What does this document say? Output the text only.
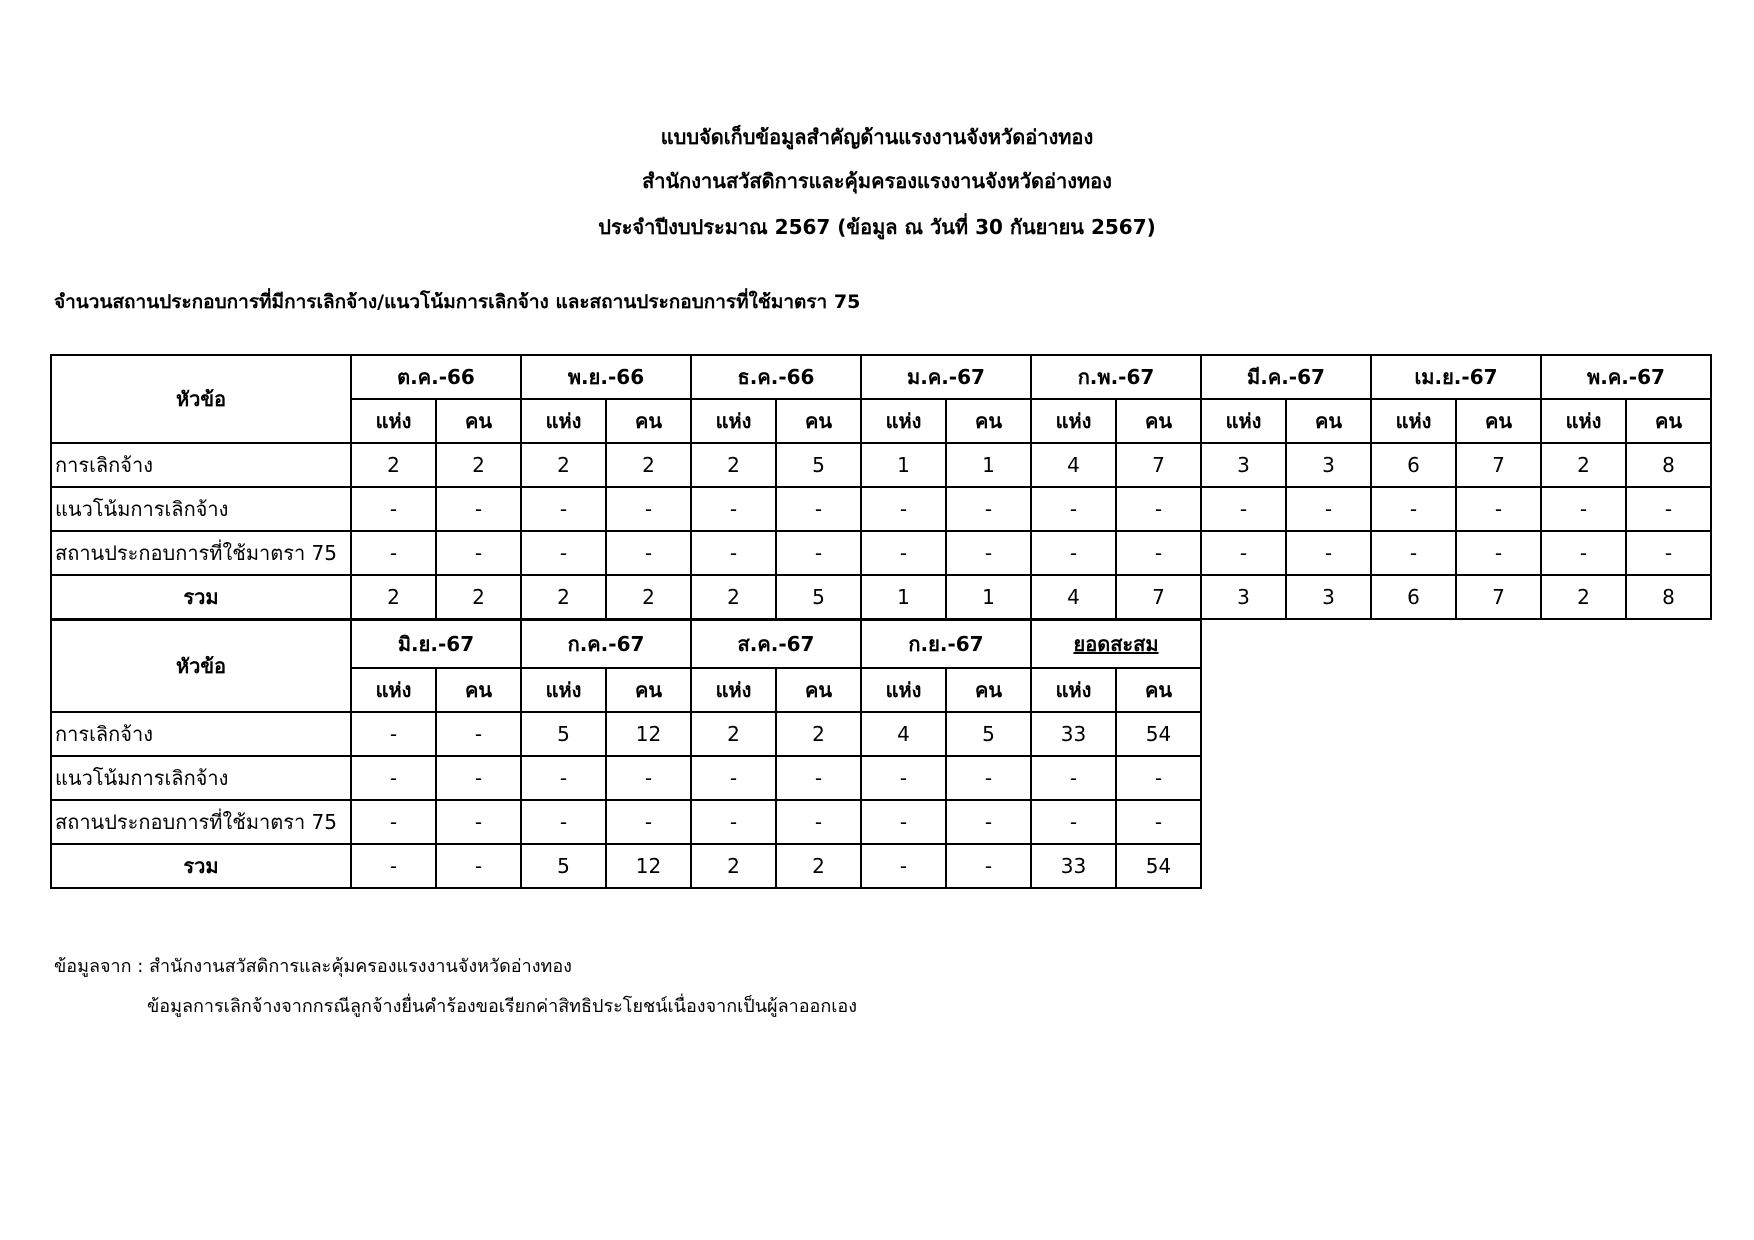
แบบจัดเก็บข้อมูลสำคัญด้านแรงงานจังหวัดอ่างทอง
สำนักงานสวัสดิการและคุ้มครองแรงงานจังหวัดอ่างทอง
ประจำปีงบประมาณ 2567 (ข้อมูล ณ วันที่ 30 กันยายน 2567)
จำนวนสถานประกอบการที่มีการเลิกจ้าง/แนวโน้มการเลิกจ้าง และสถานประกอบการที่ใช้มาตรา 75
หัวข้อ	ต.ค.-66		พ.ย.-66		ธ.ค.-66		ม.ค.-67		ก.พ.-67		มี.ค.-67		เม.ย.-67		พ.ค.-67	
	แห่ง	คน	แห่ง	คน	แห่ง	คน	แห่ง	คน	แห่ง	คน	แห่ง	คน	แห่ง	คน	แห่ง	คน
การเลิกจ้าง	2	2	2	2	2	5	1	1	4	7	3	3	6	7	2	8
แนวโน้มการเลิกจ้าง	-	-	-	-	-	-	-	-	-	-	-	-	-	-	-	-
สถานประกอบการที่ใช้มาตรา 75	-	-	-	-	-	-	-	-	-	-	-	-	-	-	-	-
รวม	2	2	2	2	2	5	1	1	4	7	3	3	6	7	2	8
หัวข้อ	มิ.ย.-67		ก.ค.-67		ส.ค.-67		ก.ย.-67		ยอดสะสม	
	แห่ง	คน	แห่ง	คน	แห่ง	คน	แห่ง	คน	แห่ง	คน
การเลิกจ้าง	-	-	5	12	2	2	4	5	33	54
แนวโน้มการเลิกจ้าง	-	-	-	-	-	-	-	-	-	-
สถานประกอบการที่ใช้มาตรา 75	-	-	-	-	-	-	-	-	-	-
รวม	-	-	5	12	2	2	-	-	33	54
ข้อมูลจาก : สำนักงานสวัสดิการและคุ้มครองแรงงานจังหวัดอ่างทอง
ข้อมูลการเลิกจ้างจากกรณีลูกจ้างยื่นคำร้องขอเรียกค่าสิทธิประโยชน์เนื่องจากเป็นผู้ลาออกเอง
